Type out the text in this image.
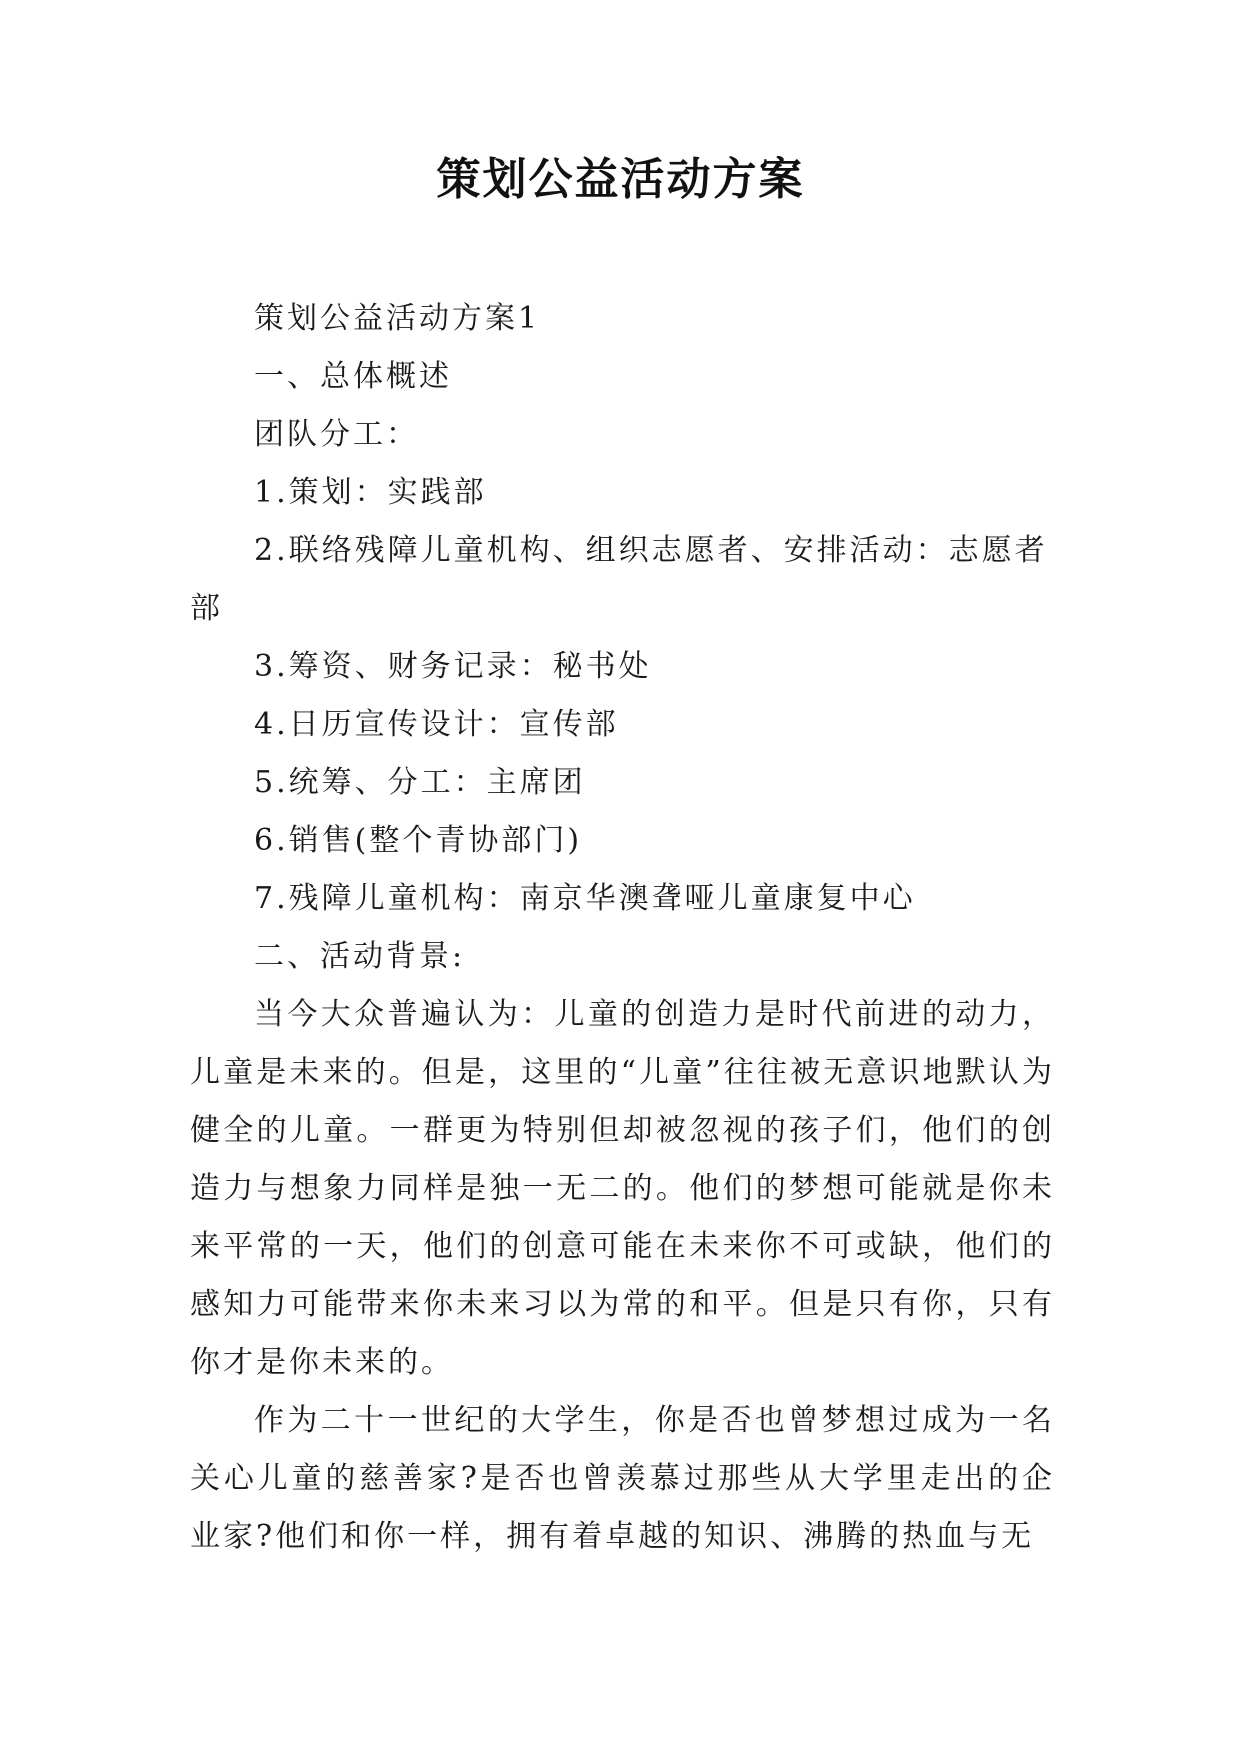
策划公益活动方案

策划公益活动方案1

一、总体概述

团队分工：

1.策划：实践部

2.联络残障儿童机构、组织志愿者、安排活动：志愿者部

3.筹资、财务记录：秘书处

4.日历宣传设计：宣传部

5.统筹、分工：主席团

6.销售(整个青协部门)

7.残障儿童机构：南京华澳聋哑儿童康复中心

二、活动背景:

当今大众普遍认为：儿童的创造力是时代前进的动力，儿童是未来的。但是，这里的“儿童”往往被无意识地默认为健全的儿童。一群更为特别但却被忽视的孩子们，他们的创造力与想象力同样是独一无二的。他们的梦想可能就是你未来平常的一天，他们的创意可能在未来你不可或缺，他们的感知力可能带来你未来习以为常的和平。但是只有你，只有你才是你未来的。

作为二十一世纪的大学生，你是否也曾梦想过成为一名关心儿童的慈善家?是否也曾羡慕过那些从大学里走出的企业家?他们和你一样，拥有着卓越的知识、沸腾的热血与无
